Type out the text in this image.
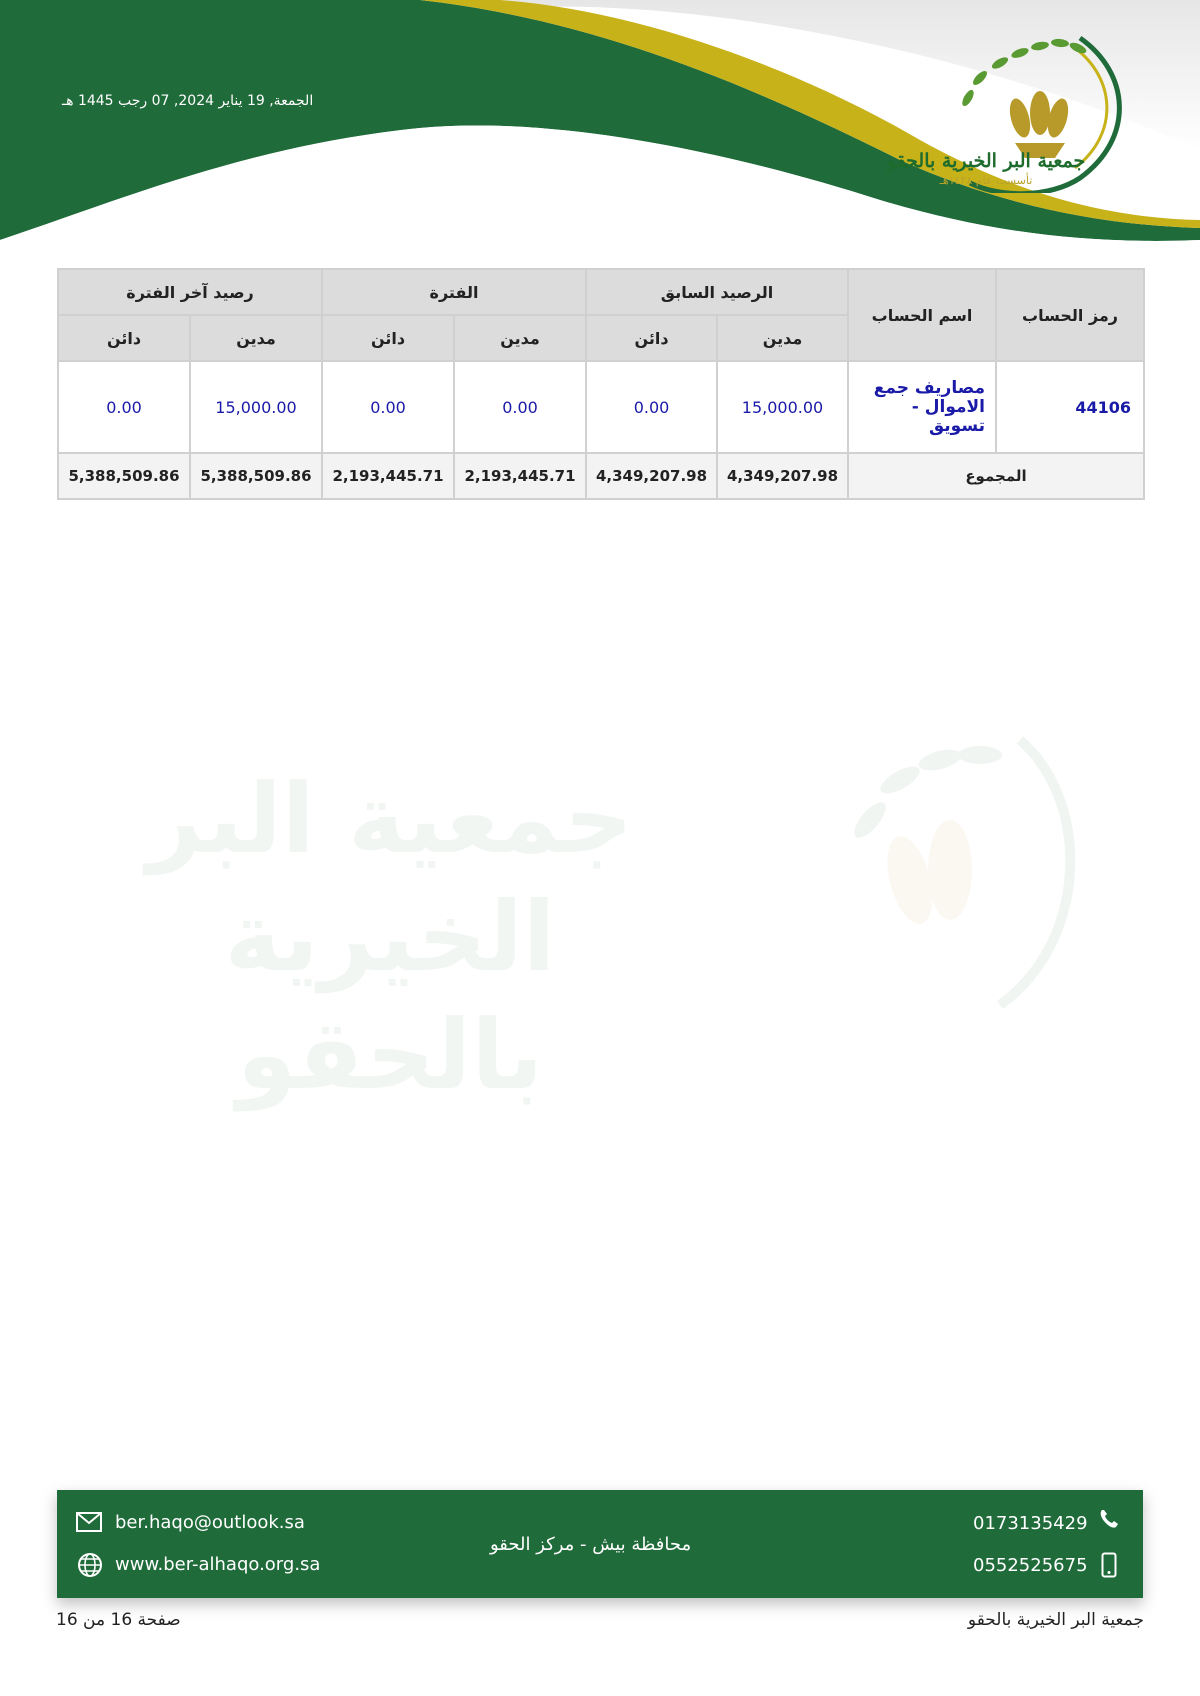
الجمعة, 19 يناير 2024, 07 رجب 1445 هـ
جمعية البر الخيرية بالحقو
تأسست عام ١٤٢٨هـ
جمعية البر
الخيرية بالحقو
رمز الحساب	اسم الحساب	الرصيد السابق		الفترة		رصيد آخر الفترة	
		مدين	دائن	مدين	دائن	مدين	دائن
44106	مصاريف جمع الاموال - تسويق	15,000.00	0.00	0.00	0.00	15,000.00	0.00
المجموع		4,349,207.98	4,349,207.98	2,193,445.71	2,193,445.71	5,388,509.86	5,388,509.86
ber.haqo@outlook.sa
www.ber-alhaqo.org.sa
محافظة بيش - مركز الحقو
0173135429
0552525675
صفحة 16 من 16	جمعية البر الخيرية بالحقو
